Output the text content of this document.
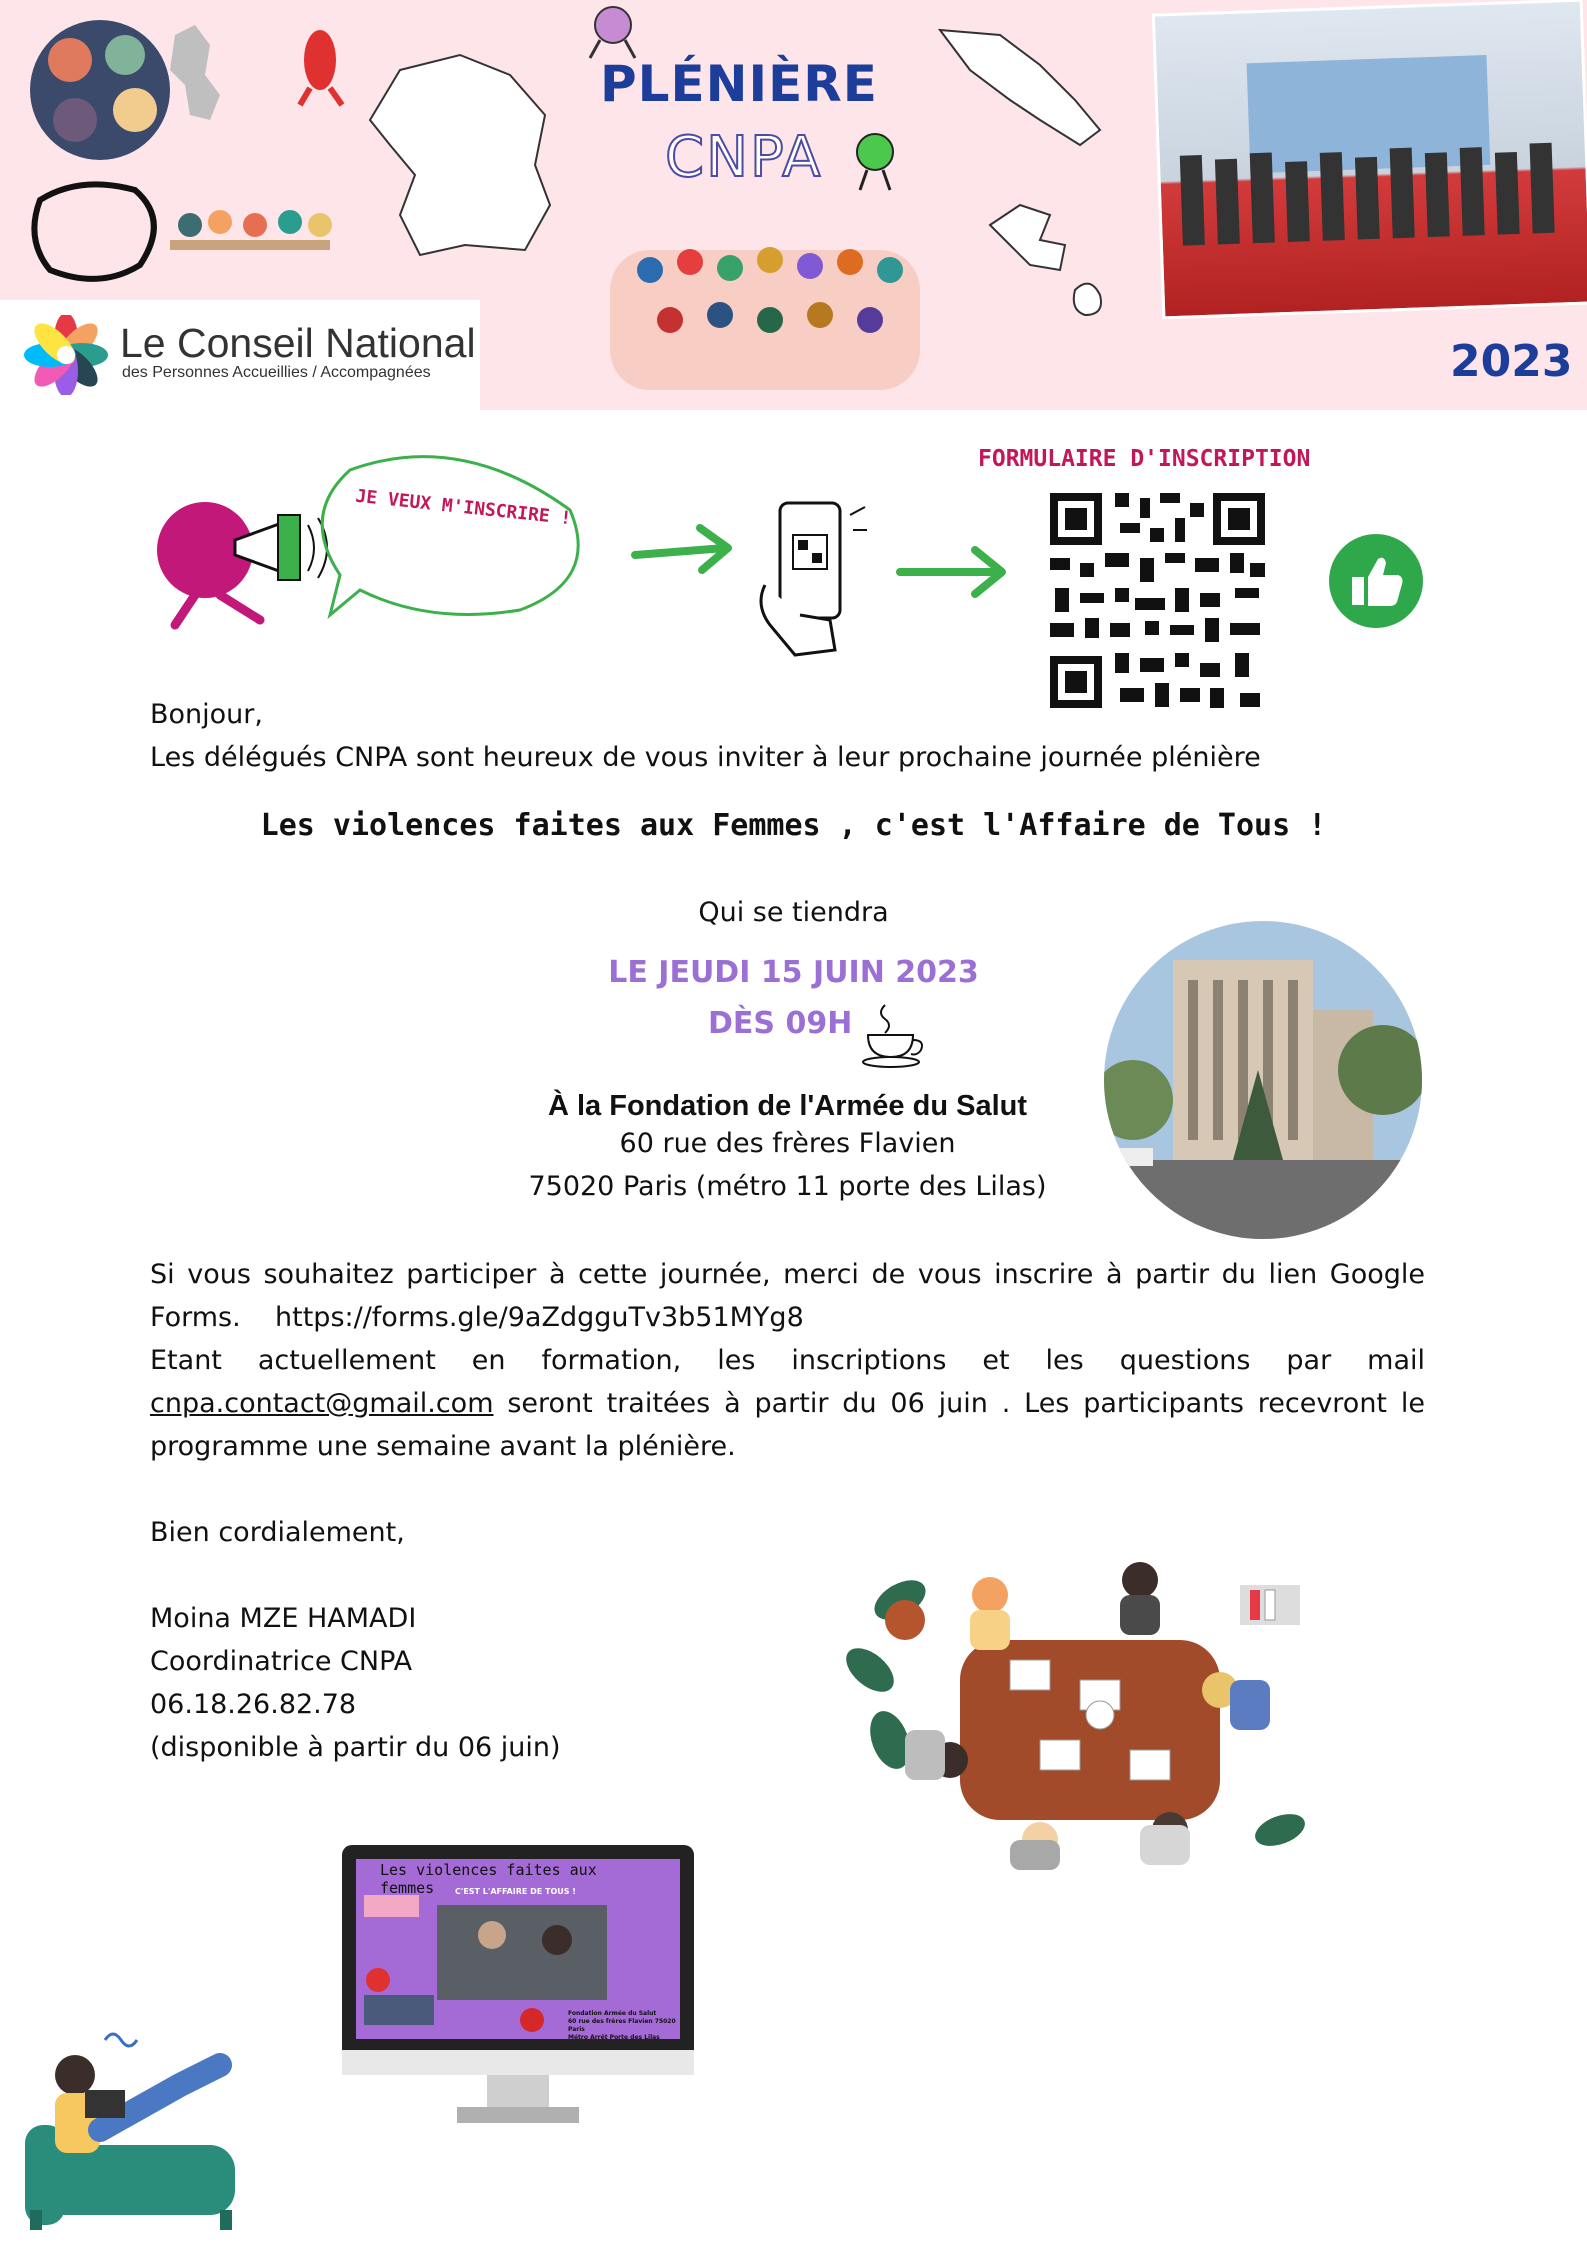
PLÉNIÈRE
CNPA
2023
Le Conseil National
des Personnes Accueillies / Accompagnées
JE VEUX M'INSCRIRE !
FORMULAIRE D'INSCRIPTION
Bonjour,
Les délégués CNPA sont heureux de vous inviter à leur prochaine journée plénière
Les violences faites aux Femmes , c'est l'Affaire de Tous !
Qui se tiendra
LE JEUDI 15 JUIN 2023
DÈS 09H
À la Fondation de l'Armée du Salut
60 rue des frères Flavien
75020 Paris (métro 11 porte des Lilas)
Si vous souhaitez participer à cette journée, merci de vous inscrire à partir du lien Google Forms. https://forms.gle/9aZdgguTv3b51MYg8
Etant actuellement en formation, les inscriptions et les questions par mail cnpa.contact@gmail.com seront traitées à partir du 06 juin . Les participants recevront le programme une semaine avant la plénière.
Bien cordialement,
Moina MZE HAMADI
Coordinatrice CNPA
06.18.26.82.78
(disponible à partir du 06 juin)
Les violences faites aux femmes	C'EST L'AFFAIRE DE TOUS !
Fondation Armée du Salut
60 rue des frères Flavien 75020 Paris
Métro Arrêt Porte des Lilas
